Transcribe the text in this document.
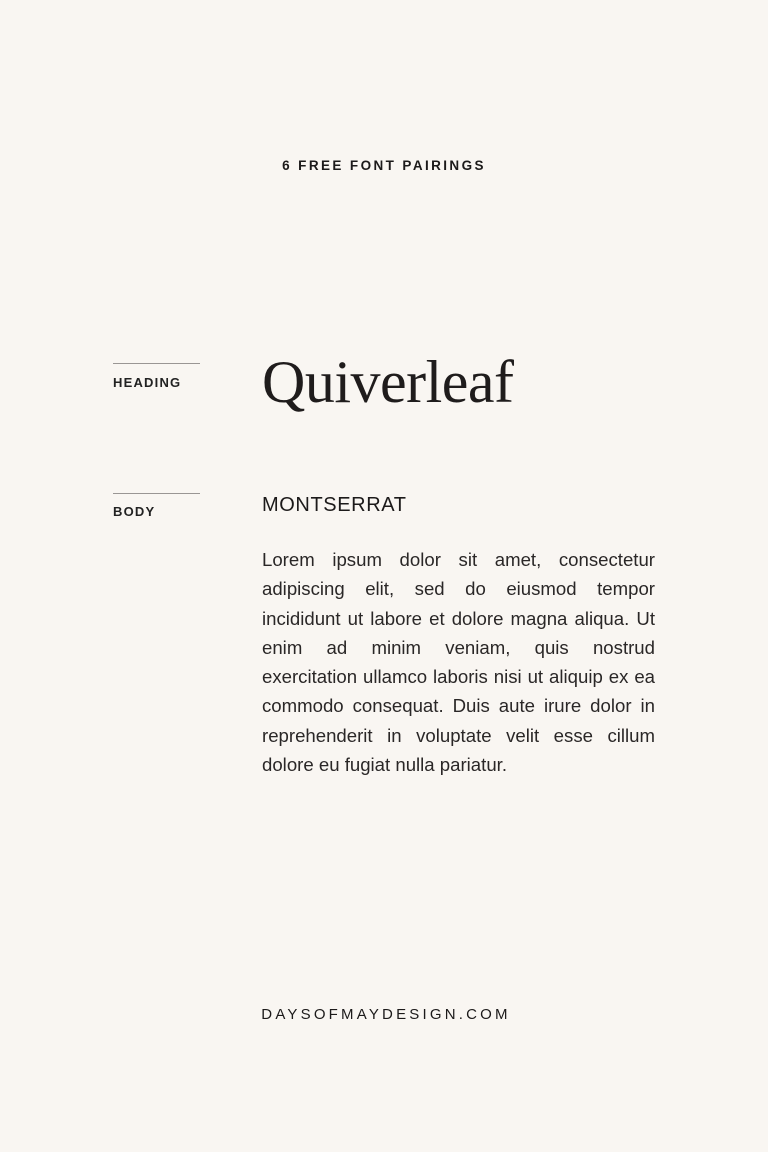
6 FREE FONT PAIRINGS
HEADING Quiverleaf
BODY	MONTSERRAT
Lorem ipsum dolor sit amet, consectetur adipiscing elit, sed do eiusmod tempor incididunt ut labore et dolore magna aliqua. Ut enim ad minim veniam, quis nostrud exercitation ullamco laboris nisi ut aliquip ex ea commodo consequat. Duis aute irure dolor in reprehenderit in voluptate velit esse cillum dolore eu fugiat nulla pariatur.
DAYSOFMAYDESIGN.COM
